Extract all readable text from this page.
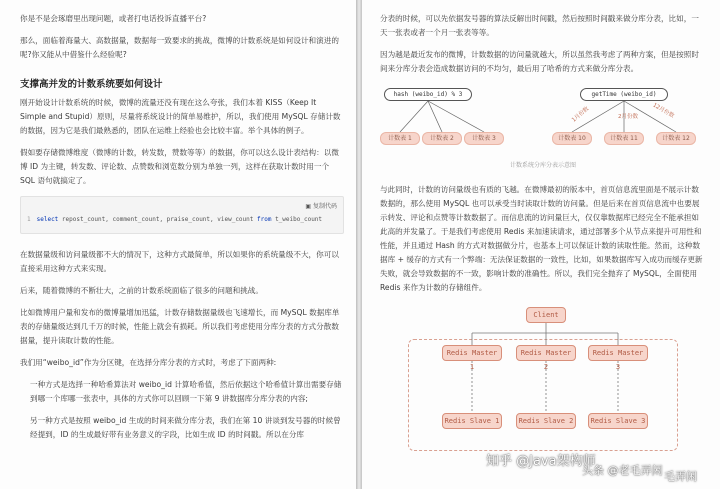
你是不是会琢磨里出现问题，或者打电话投诉直播平台?

那么，面临着海量大、高数据量，数据每一致要求的挑战，微博的计数系统是如何设计和演进的呢?你又能从中借鉴什么经验呢?

支撑高并发的计数系统要如何设计

刚开始设计计数系统的时候，微博的流量还没有现在这么夸张，我们本着 KISS（Keep It Simple and Stupid）原则，尽量将系统设计的简单易维护，所以，我们使用 MySQL 存储计数的数据，因为它是我们最熟悉的，团队在运维上经验也会比较丰富。举个具体的例子。

假如要存储微博维度（微博的计数，转发数，赞数等等）的数据，你可以这么设计表结构：以微博 ID 为主键，转发数、评论数、点赞数和浏览数分别为单独一列，这样在获取计数时用一个 SQL 语句就搞定了。

▣ 复制代码
1 select repost_count, comment_count, praise_count, view_count from t_weibo_count

在数据量级和访问量级都不大的情况下，这种方式最简单，所以如果你的系统量级不大，你可以直接采用这种方式来实现。

后来，随着微博的不断壮大，之前的计数系统面临了很多的问题和挑战。

比如微博用户量和发布的微博量增加迅猛，计数存储数据量级也飞速增长，而 MySQL 数据库单表的存储量级达到几千万的时候，性能上就会有损耗。所以我们考虑使用分库分表的方式分散数据量，提升读取计数的性能。

我们用“weibo_id”作为分区键，在选择分库分表的方式时，考虑了下面两种:

一种方式是选择一种哈希算法对 weibo_id 计算哈希值，然后依据这个哈希值计算出需要存储到哪一个库哪一张表中，具体的方式你可以回顾一下第 9 讲数据库分库分表的内容;

另一种方式是按照 weibo_id 生成的时间来做分库分表，我们在第 10 讲谈到发号器的时候曾经提到，ID 的生成最好带有业务意义的字段，比如生成 ID 的时间戳。所以在分库

分表的时候，可以先依据发号器的算法反解出时间戳，然后按照时间戳来做分库分表，比如，一天一张表或者一个月一张表等等。

因为越是最近发布的微博，计数数据的访问量就越大，所以虽然我考虑了两种方案，但是按照时间来分库分表会造成数据访问的不均匀，最后用了哈希的方式来做分库分表。

hash (weibo_id) % 3	getTime (weibo_id)
计数表 1	计数表 2	计数表 3	计数表 10	计数表 11	计数表 12
1月份数	2月份数 12月份数
计数系统分库分表示意图

与此同时，计数的访问量级也有质的飞越。在微博最初的版本中，首页信息流里面是不展示计数数据的，那么使用 MySQL 也可以承受当时读取计数的访问量。但是后来在首页信息流中也要展示转发、评论和点赞等计数数据了。而信息流的访问量巨大，仅仅靠数据库已经完全不能承担如此高的并发量了。于是我们考虑使用 Redis 来加速读请求，通过部署多个从节点来提升可用性和性能，并且通过 Hash 的方式对数据做分片，也基本上可以保证计数的读取性能。然而，这种数据库 + 缓存的方式有一个弊端：无法保证数据的一致性，比如，如果数据库写入成功而缓存更新失败，就会导致数据的不一致，影响计数的准确性。所以，我们完全抛弃了 MySQL，全面使用 Redis 来作为计数的存储组件。

Client
Redis Master 1
Redis Master 2
Redis Master 3
Redis Slave 1	Redis Slave 2	Redis Slave 3
知乎 @Java架构师
头条 @老毛弄闲 毛弄闲
